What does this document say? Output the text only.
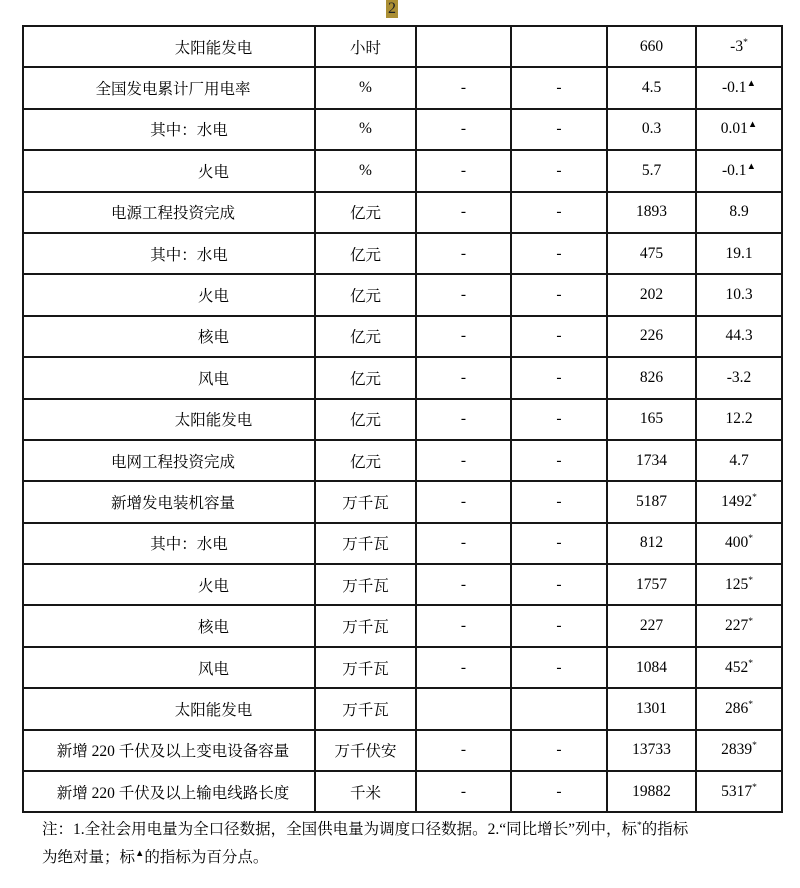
2
太阳能发电	小时			660	-3*
全国发电累计厂用电率	%	-	-	4.5	-0.1▲
其中：水电	%	-	-	0.3	0.01▲
火电	%	-	-	5.7	-0.1▲
电源工程投资完成	亿元	-	-	1893	8.9
其中：水电	亿元	-	-	475	19.1
火电	亿元	-	-	202	10.3
核电	亿元	-	-	226	44.3
风电	亿元	-	-	826	-3.2
太阳能发电	亿元	-	-	165	12.2
电网工程投资完成	亿元	-	-	1734	4.7
新增发电装机容量	万千瓦	-	-	5187	1492*
其中：水电	万千瓦	-	-	812	400*
火电	万千瓦	-	-	1757	125*
核电	万千瓦	-	-	227	227*
风电	万千瓦	-	-	1084	452*
太阳能发电	万千瓦			1301	286*
新增 220 千伏及以上变电设备容量	万千伏安	-	-	13733	2839*
新增 220 千伏及以上输电线路长度	千米	-	-	19882	5317*
注：1.全社会用电量为全口径数据，全国供电量为调度口径数据。2.“同比增长”列中，标*的指标
为绝对量；标▲的指标为百分点。
